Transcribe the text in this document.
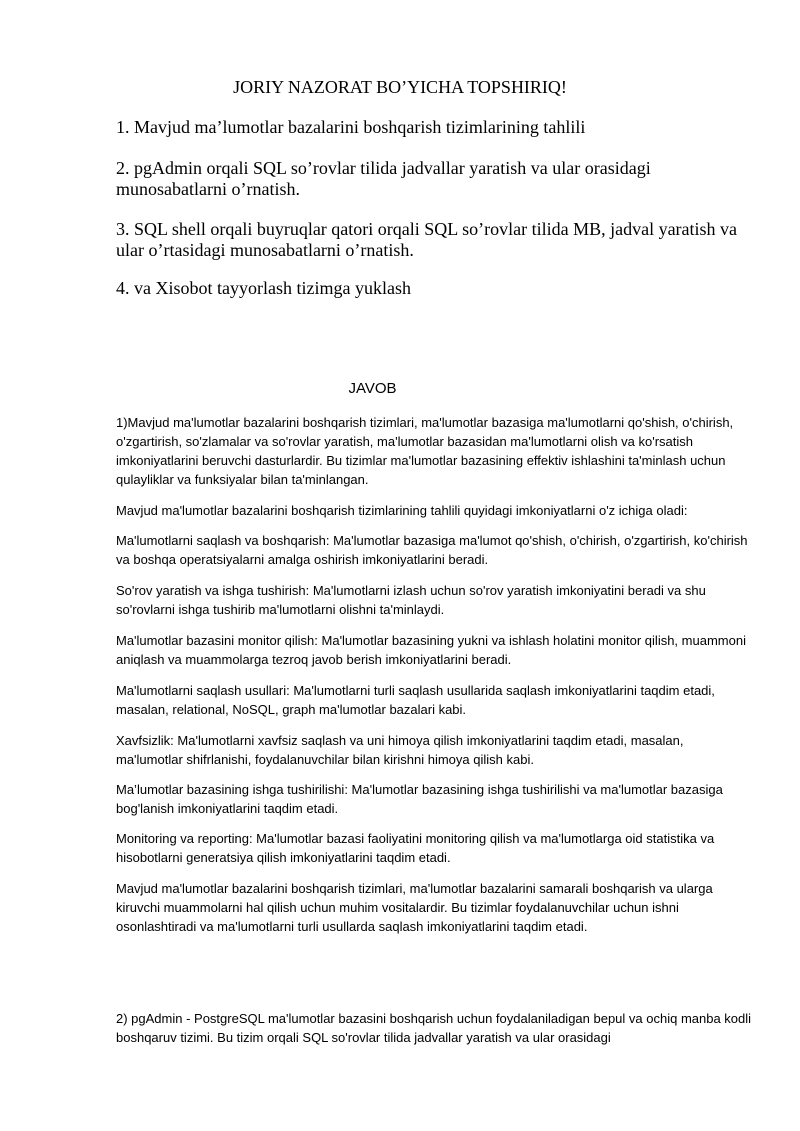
JORIY NAZORAT BO’YICHA TOPSHIRIQ!
1. Mavjud ma’lumotlar bazalarini boshqarish tizimlarining tahlili
2. pgAdmin orqali SQL so’rovlar tilida jadvallar yaratish va ular orasidagi munosabatlarni o’rnatish.
3. SQL shell orqali buyruqlar qatori orqali SQL so’rovlar tilida MB, jadval yaratish va ular o’rtasidagi munosabatlarni o’rnatish.
4. va Xisobot tayyorlash tizimga yuklash
JAVOB
1)Mavjud ma'lumotlar bazalarini boshqarish tizimlari, ma'lumotlar bazasiga ma'lumotlarni qo'shish, o'chirish, o'zgartirish, so'zlamalar va so'rovlar yaratish, ma'lumotlar bazasidan ma'lumotlarni olish va ko'rsatish imkoniyatlarini beruvchi dasturlardir. Bu tizimlar ma'lumotlar bazasining effektiv ishlashini ta'minlash uchun qulayliklar va funksiyalar bilan ta'minlangan.
Mavjud ma'lumotlar bazalarini boshqarish tizimlarining tahlili quyidagi imkoniyatlarni o'z ichiga oladi:
Ma'lumotlarni saqlash va boshqarish: Ma'lumotlar bazasiga ma'lumot qo'shish, o'chirish, o'zgartirish, ko'chirish va boshqa operatsiyalarni amalga oshirish imkoniyatlarini beradi.
So'rov yaratish va ishga tushirish: Ma'lumotlarni izlash uchun so'rov yaratish imkoniyatini beradi va shu so'rovlarni ishga tushirib ma'lumotlarni olishni ta'minlaydi.
Ma'lumotlar bazasini monitor qilish: Ma'lumotlar bazasining yukni va ishlash holatini monitor qilish, muammoni aniqlash va muammolarga tezroq javob berish imkoniyatlarini beradi.
Ma'lumotlarni saqlash usullari: Ma'lumotlarni turli saqlash usullarida saqlash imkoniyatlarini taqdim etadi, masalan, relational, NoSQL, graph ma'lumotlar bazalari kabi.
Xavfsizlik: Ma'lumotlarni xavfsiz saqlash va uni himoya qilish imkoniyatlarini taqdim etadi, masalan, ma'lumotlar shifrlanishi, foydalanuvchilar bilan kirishni himoya qilish kabi.
Ma’lumotlar bazasining ishga tushirilishi: Ma'lumotlar bazasining ishga tushirilishi va ma'lumotlar bazasiga bog'lanish imkoniyatlarini taqdim etadi.
Monitoring va reporting: Ma'lumotlar bazasi faoliyatini monitoring qilish va ma'lumotlarga oid statistika va hisobotlarni generatsiya qilish imkoniyatlarini taqdim etadi.
Mavjud ma'lumotlar bazalarini boshqarish tizimlari, ma'lumotlar bazalarini samarali boshqarish va ularga kiruvchi muammolarni hal qilish uchun muhim vositalardir. Bu tizimlar foydalanuvchilar uchun ishni osonlashtiradi va ma'lumotlarni turli usullarda saqlash imkoniyatlarini taqdim etadi.
2) pgAdmin - PostgreSQL ma'lumotlar bazasini boshqarish uchun foydalaniladigan bepul va ochiq manba kodli boshqaruv tizimi. Bu tizim orqali SQL so'rovlar tilida jadvallar yaratish va ular orasidagi
